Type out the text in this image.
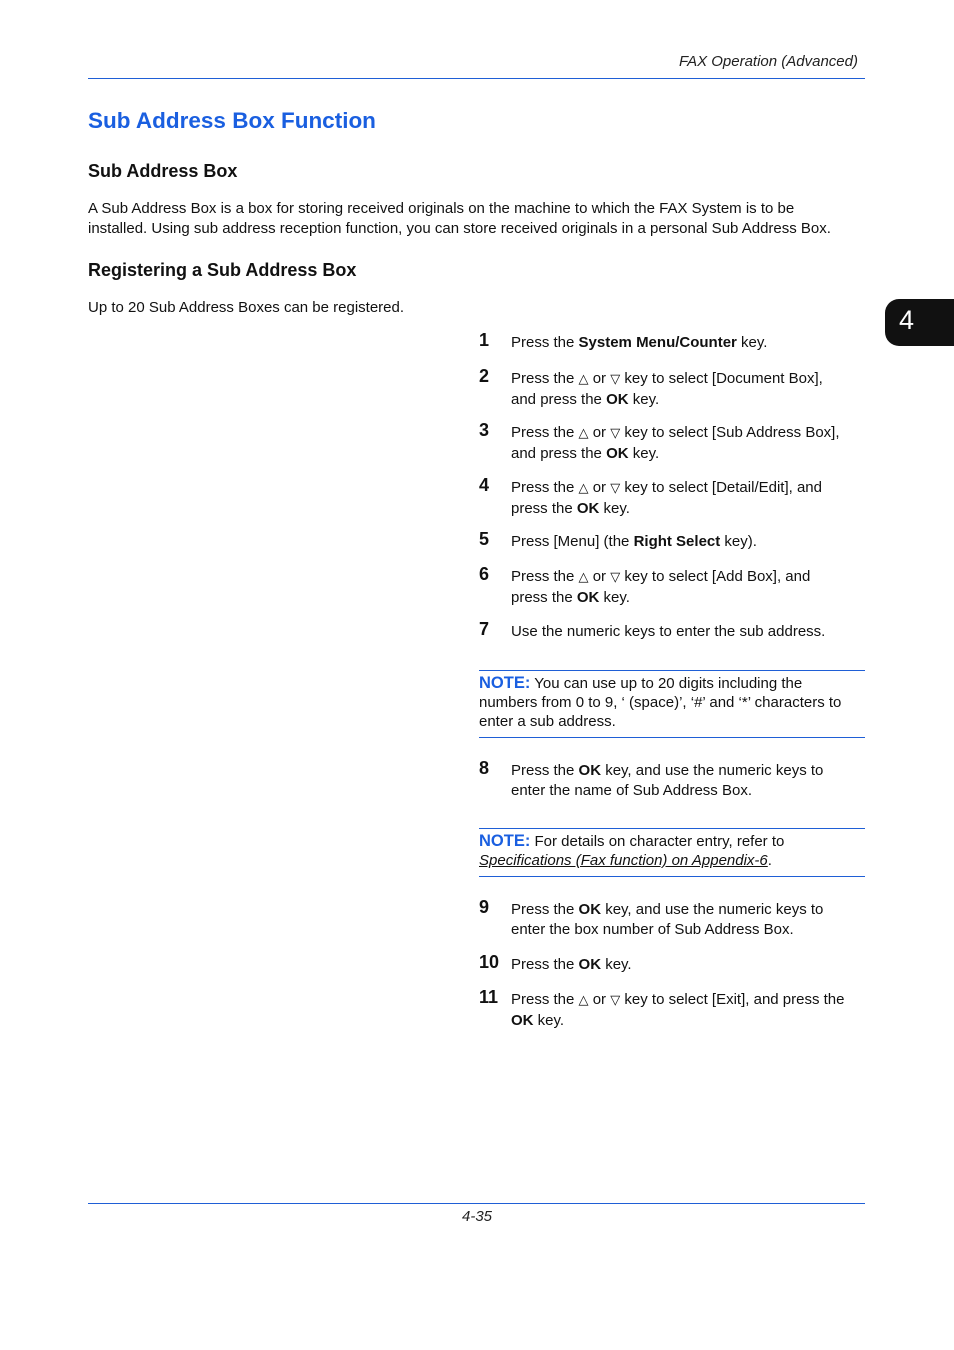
FAX Operation (Advanced)
Sub Address Box Function
Sub Address Box
A Sub Address Box is a box for storing received originals on the machine to which the FAX System is to be
installed. Using sub address reception function, you can store received originals in a personal Sub Address Box.
Registering a Sub Address Box
Up to 20 Sub Address Boxes can be registered.	4
1 Press the System Menu/Counter key.
2 Press the △ or ▽ key to select [Document Box],
and press the OK key.
3 Press the △ or ▽ key to select [Sub Address Box],
and press the OK key.
4 Press the △ or ▽ key to select [Detail/Edit], and
press the OK key.
5 Press [Menu] (the Right Select key).
6 Press the △ or ▽ key to select [Add Box], and
press the OK key.
7 Use the numeric keys to enter the sub address.
NOTE: You can use up to 20 digits including the
numbers from 0 to 9, ‘ (space)’, ‘#’ and ‘*’ characters to
enter a sub address.
8 Press the OK key, and use the numeric keys to
enter the name of Sub Address Box.
NOTE: For details on character entry, refer to
Specifications (Fax function) on Appendix-6.
9 Press the OK key, and use the numeric keys to
enter the box number of Sub Address Box.
10 Press the OK key.
11 Press the △ or ▽ key to select [Exit], and press the
OK key.
4-35
